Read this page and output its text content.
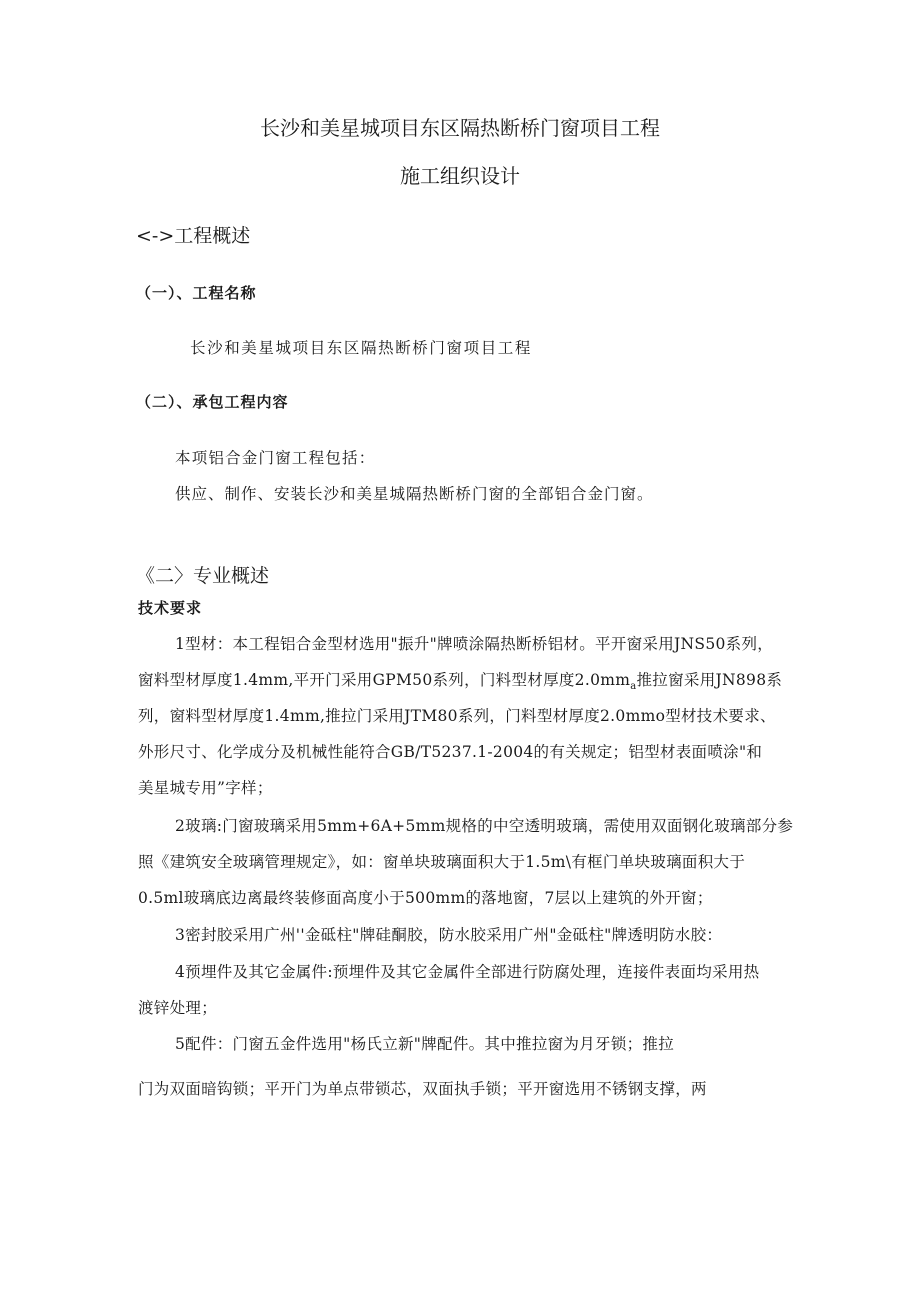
长沙和美星城项目东区隔热断桥门窗项目工程
施工组织设计
<->工程概述
（一）、工程名称
长沙和美星城项目东区隔热断桥门窗项目工程
（二）、承包工程内容
本项铝合金门窗工程包括：
供应、制作、安装长沙和美星城隔热断桥门窗的全部铝合金门窗。
《二〉专业概述
技术要求
1型材：本工程铝合金型材选用"振升"牌喷涂隔热断桥铝材。平开窗采用JNS50系列，
窗料型材厚度1.4mm,平开门采用GPM50系列，门料型材厚度$2.0mm_a$推拉窗采用JN898系
列，窗料型材厚度1.4mm,推拉门采用JTM80系列，门料型材厚度2.0mmo型材技术要求、
外形尺寸、化学成分及机械性能符合GB/T5237.1-2004的有关规定；铝型材表面喷涂"和
美星城专用”字样；
2玻璃:门窗玻璃采用5mm+6A+5mm规格的中空透明玻璃，需使用双面钢化玻璃部分参
照《建筑安全玻璃管理规定》，如：窗单块玻璃面积大于1.5m\有框门单块玻璃面积大于
0.5ml玻璃底边离最终装修面高度小于500mm的落地窗，7层以上建筑的外开窗；
3密封胶采用广州''金砥柱"牌硅酮胶，防水胶采用广州"金砥柱"牌透明防水胶：
4预埋件及其它金属件:预埋件及其它金属件全部进行防腐处理，连接件表面均采用热
渡锌处理；
5配件：门窗五金件选用"杨氏立新"牌配件。其中推拉窗为月牙锁；推拉
门为双面暗钩锁；平开门为单点带锁芯，双面执手锁；平开窗选用不锈钢支撑，两
